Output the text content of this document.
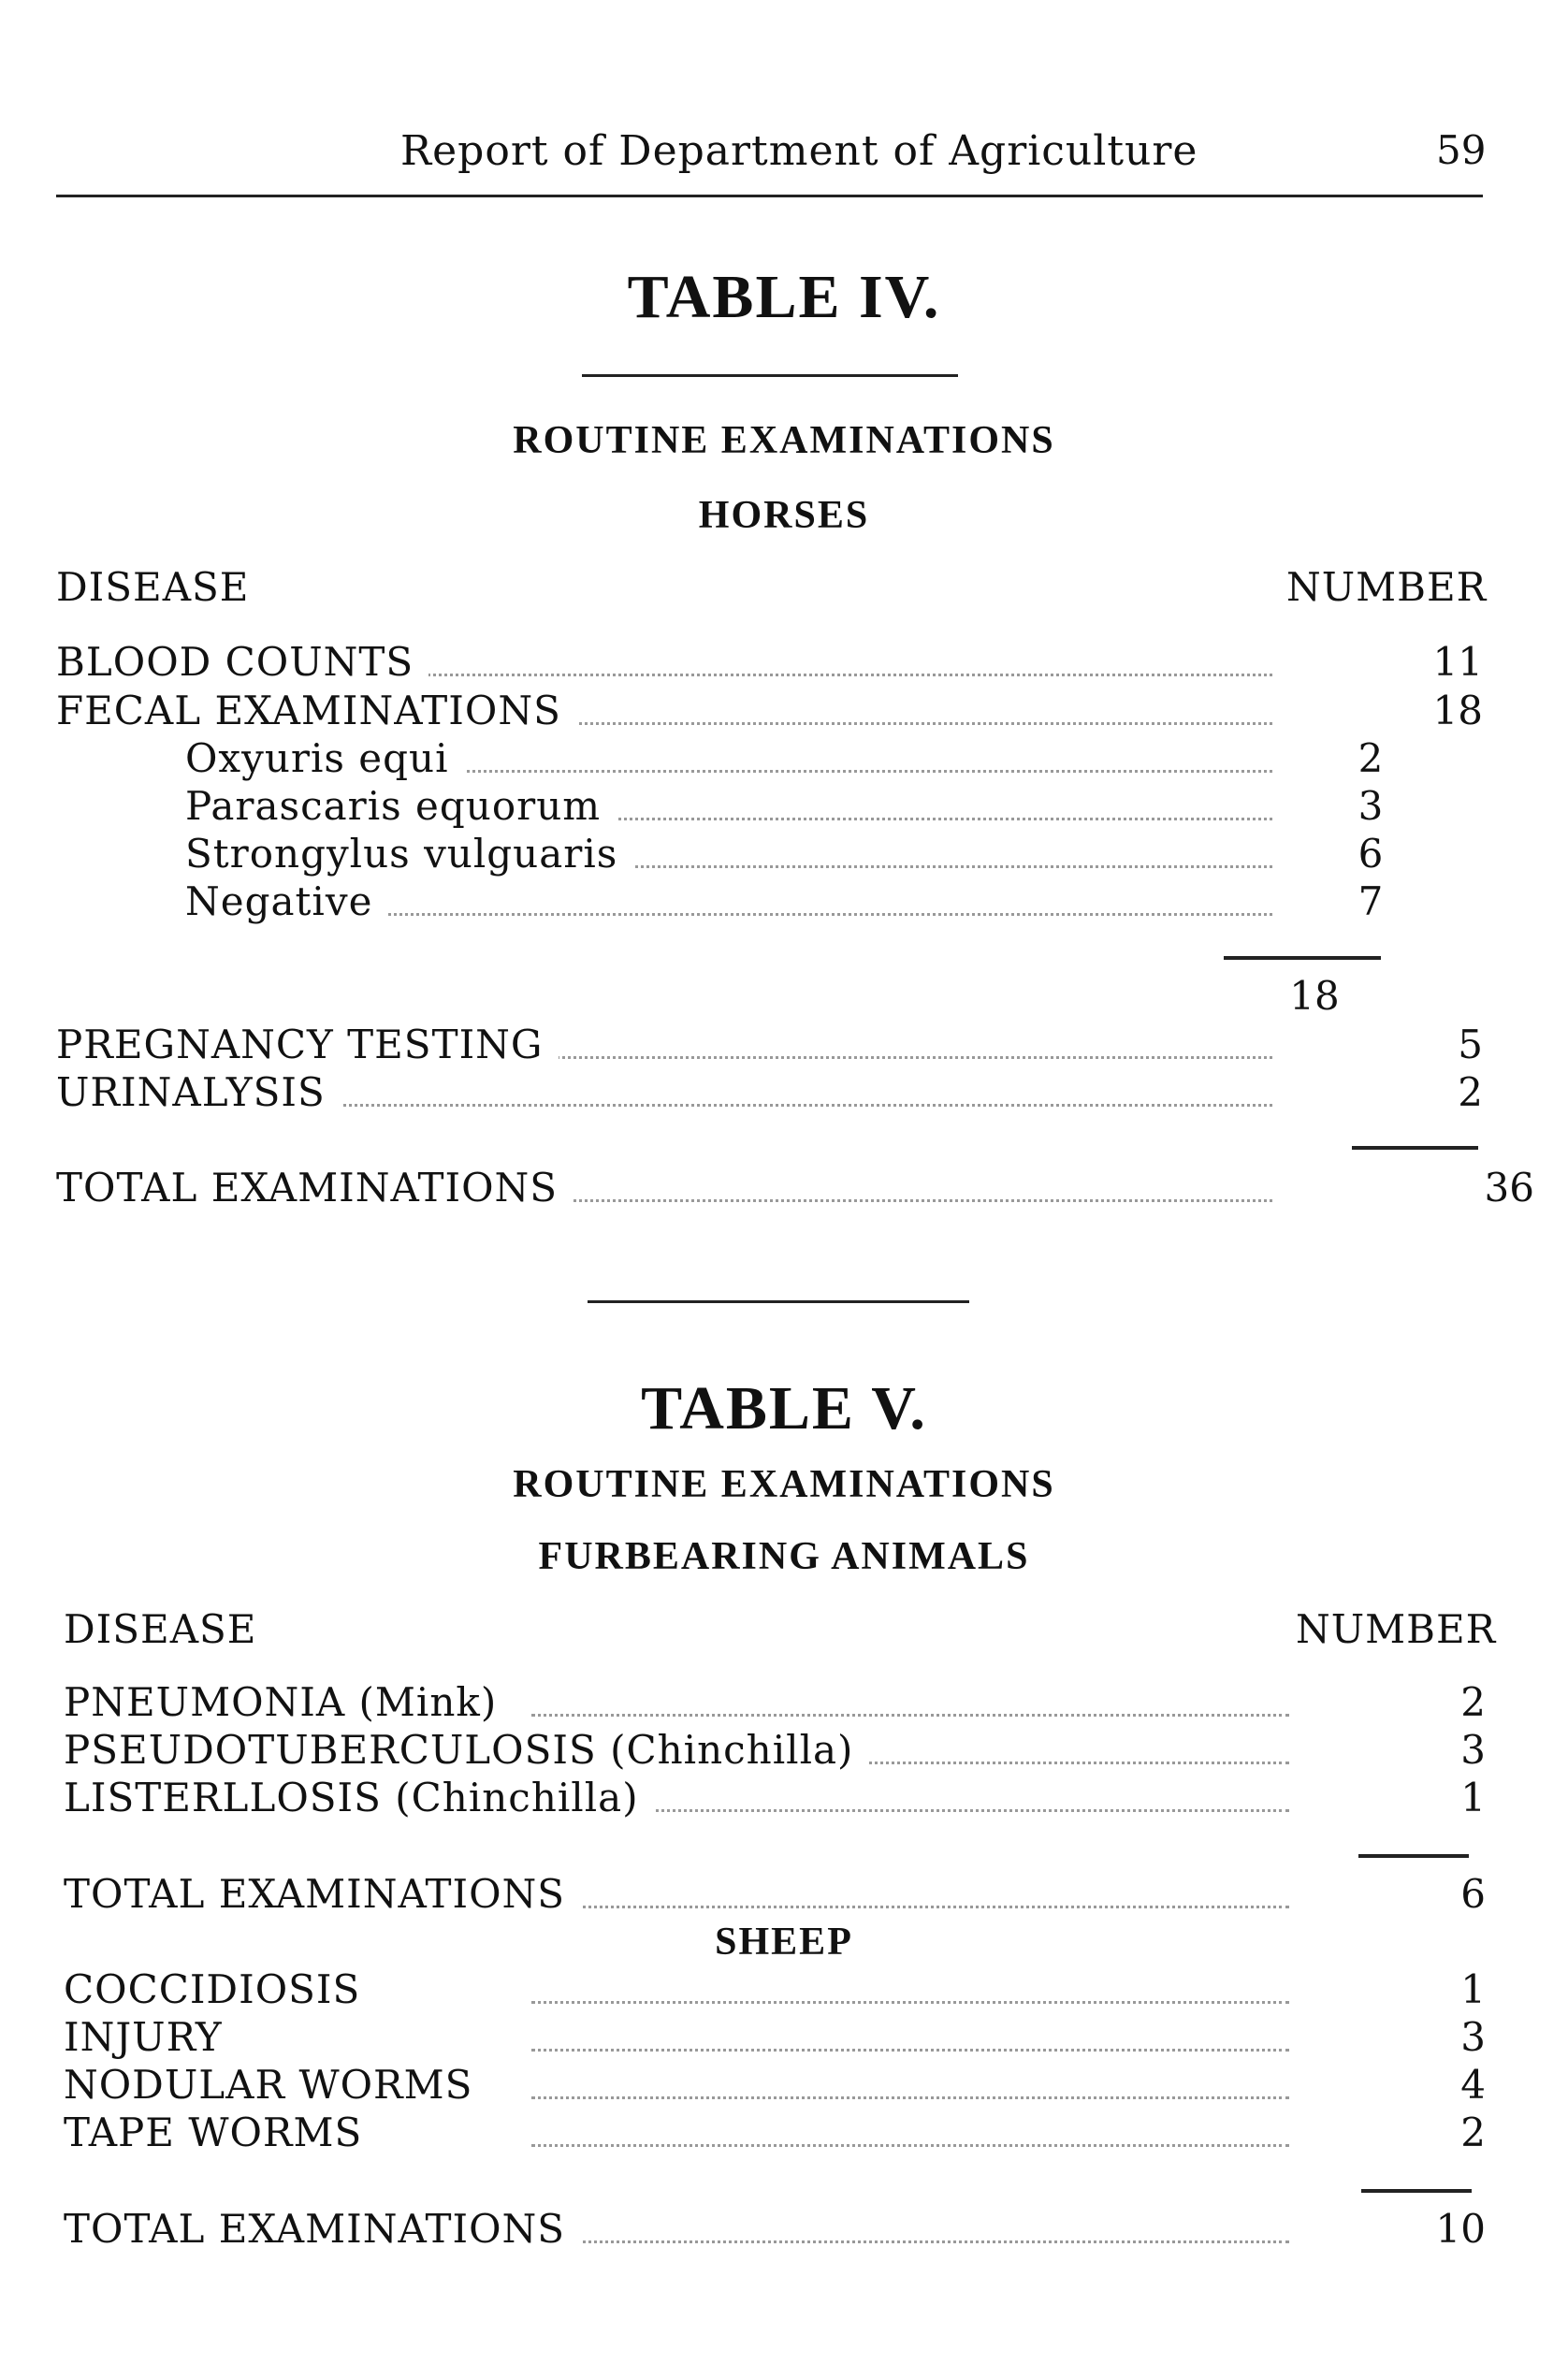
Report of Department of Agriculture	59
TABLE IV.
ROUTINE EXAMINATIONS
HORSES
DISEASE	NUMBER
BLOOD COUNTS	11
FECAL EXAMINATIONS	18
Oxyuris equi	2
Parascaris equorum	3
Strongylus vulguaris	6
Negative	7
18
PREGNANCY TESTING	5
URINALYSIS	2
TOTAL EXAMINATIONS	36
TABLE V.
ROUTINE EXAMINATIONS
FURBEARING ANIMALS
DISEASE	NUMBER
PNEUMONIA (Mink)	2
PSEUDOTUBERCULOSIS (Chinchilla)	3
LISTERLLOSIS (Chinchilla)	1
TOTAL EXAMINATIONS	6
SHEEP
COCCIDIOSIS	1
INJURY	3
NODULAR WORMS	4
TAPE WORMS	2
TOTAL EXAMINATIONS	10
